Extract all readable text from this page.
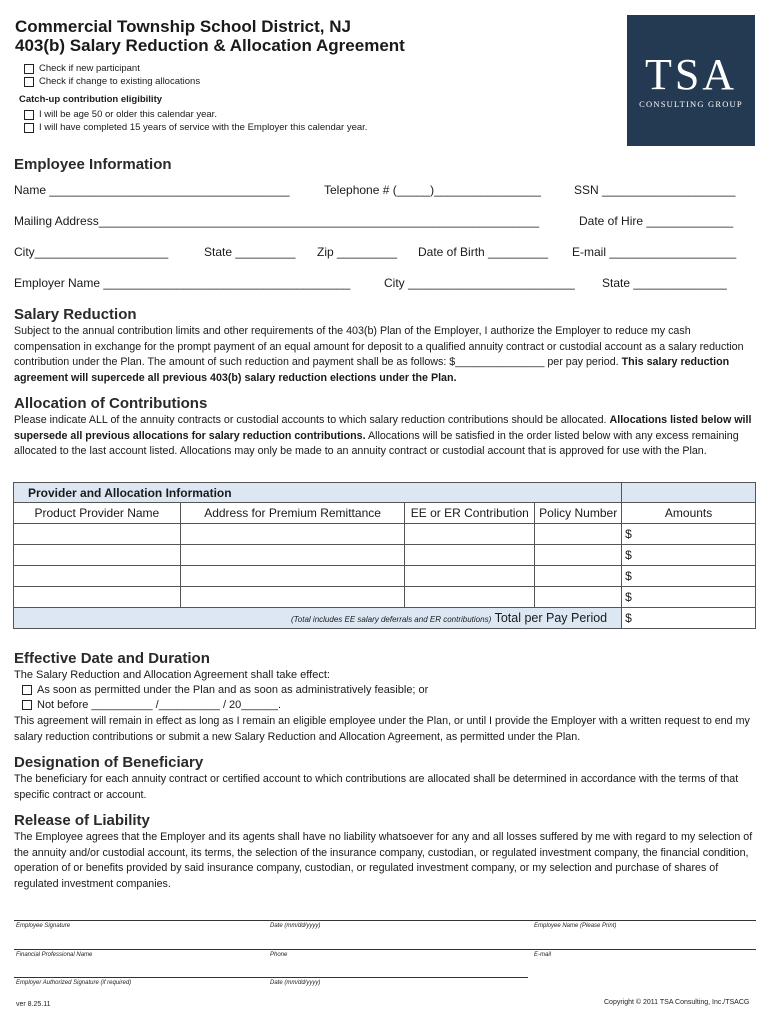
Commercial Township School District, NJ
403(b) Salary Reduction & Allocation Agreement
Check if new participant
Check if change to existing allocations
Catch-up contribution eligibility
I will be age 50 or older this calendar year.
I will have completed 15 years of service with the Employer this calendar year.
TSA
CONSULTING GROUP
Employee Information
Name ____________________________________	Telephone # (_____)________________	SSN ____________________
Mailing Address__________________________________________________________________	Date of Hire _____________
City____________________	State _________ Zip _________ Date of Birth _________ E-mail ___________________
Employer Name _____________________________________	City _________________________ State ______________
Salary Reduction
Subject to the annual contribution limits and other requirements of the 403(b) Plan of the Employer, I authorize the Employer to reduce my cash compensation in exchange for the prompt payment of an equal amount for deposit to a qualified annuity contract or custodial account as a salary reduction contribution under the Plan. The amount of such reduction and payment shall be as follows: $_______________ per pay period. This salary reduction agreement will supercede all previous 403(b) salary reduction elections under the Plan.
Allocation of Contributions
Please indicate ALL of the annuity contracts or custodial accounts to which salary reduction contributions should be allocated. Allocations listed below will supersede all previous allocations for salary reduction contributions. Allocations will be satisfied in the order listed below with any excess remaining allocated to the last account listed. Allocations may only be made to an annuity contract or custodial account that is approved for use with the Plan.
Provider and Allocation Information				
Product Provider Name	Address for Premium Remittance	EE or ER Contribution	Policy Number	Amounts
				$
				$
				$
				$
(Total includes EE salary deferrals and ER contributions) Total per Pay Period				$
Effective Date and Duration
The Salary Reduction and Allocation Agreement shall take effect:
As soon as permitted under the Plan and as soon as administratively feasible; or
Not before __________ /__________ / 20______.
This agreement will remain in effect as long as I remain an eligible employee under the Plan, or until I provide the Employer with a written request to end my salary reduction contributions or submit a new Salary Reduction and Allocation Agreement, as permitted under the Plan.
Designation of Beneficiary
The beneficiary for each annuity contract or certified account to which contributions are allocated shall be determined in accordance with the terms of that specific contract or account.
Release of Liability
The Employee agrees that the Employer and its agents shall have no liability whatsoever for any and all losses suffered by me with regard to my selection of the annuity and/or custodial account, its terms, the selection of the insurance company, custodian, or regulated investment company, the financial condition, operation of or benefits provided by said insurance company, custodian, or regulated investment company, or my selection and purchase of shares of regulated investment companies.
Employee Signature	Date (mm/dd/yyyy)	Employee Name (Please Print)
Financial Professional Name	Phone	E-mail
Employer Authorized Signature (if required)	Date (mm/dd/yyyy)
ver 8.25.11	Copyright © 2011 TSA Consulting, Inc./TSACG
